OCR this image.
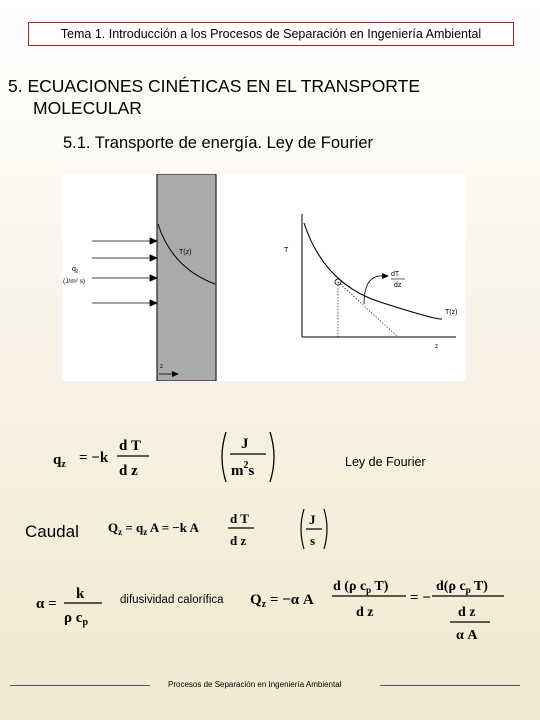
Tema 1. Introducción a los Procesos de Separación en Ingeniería Ambiental
5. ECUACIONES CINÉTICAS EN EL TRANSPORTE
MOLECULAR
5.1. Transporte de energía. Ley de Fourier
T(z)
$q_z$
(J/m² s)
z
T
z
T(z)
dT
dz
$q_z = -k$
d T
d z
J
$m^2s$
Ley de Fourier
Caudal $Q_z = q_z$ A = −k A
d T
d z
J
s
α =
k
ρ $c_p$
difusividad calorífica $Q_z = -\alpha$ A
d (ρ $c_p$ T)
d z
= −
d(ρ $c_p$ T)
d z
α A
Procesos de Separación en Ingeniería Ambiental
